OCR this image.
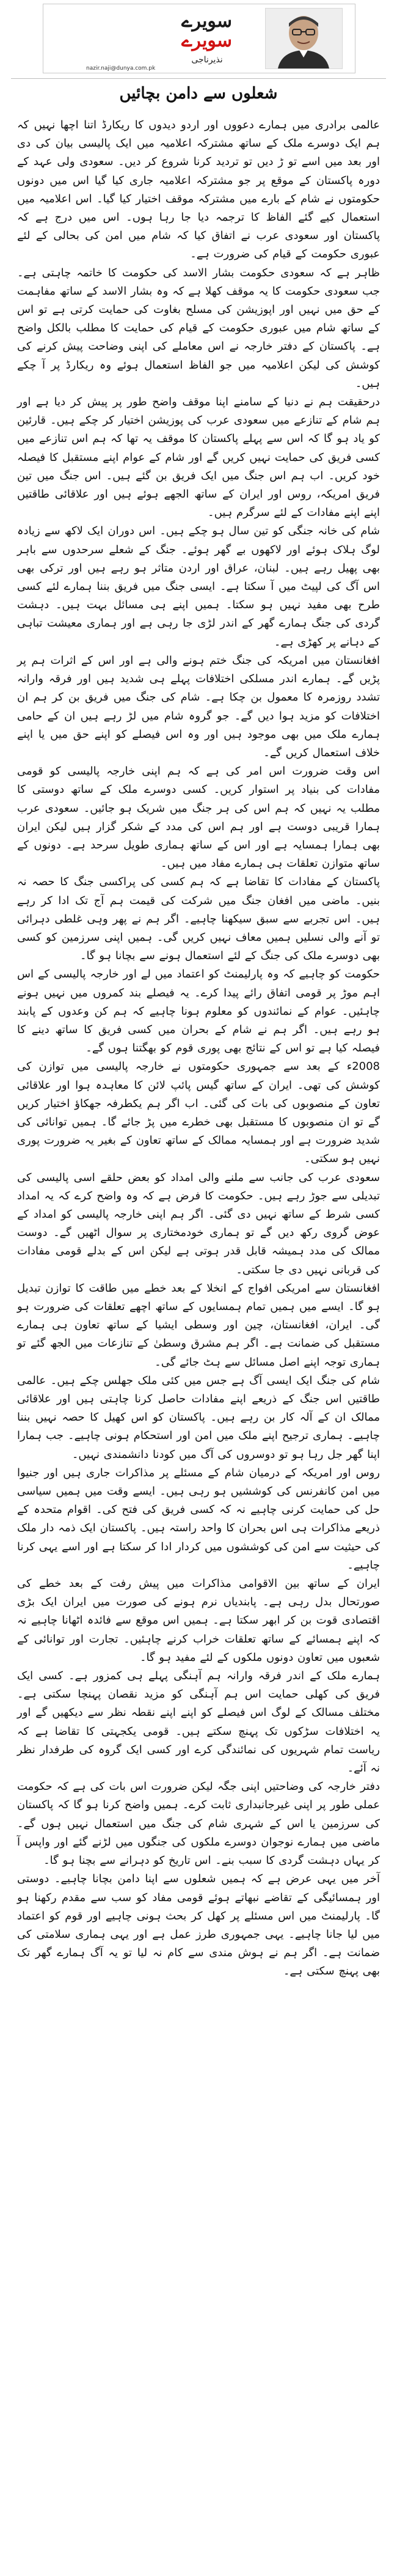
سویرے
سویرے
نذیرناجی
nazir.naji@dunya.com.pk
شعلوں سے دامن بچائیں

عالمی برادری میں ہمارے دعووں اور اردو دیدوں کا ریکارڈ اتنا اچھا نہیں کہ ہم ایک دوسرے ملک کے ساتھ مشترکہ اعلامیہ میں ایک پالیسی بیان کی دی اور بعد میں اسے تو ڑ دیں تو تردید کرنا شروع کر دیں۔ سعودی ولی عہد کے دورہ پاکستان کے موقع پر جو مشترکہ اعلامیہ جاری کیا گیا اس میں دونوں حکومتوں نے شام کے بارے میں مشترکہ موقف اختیار کیا گیا۔ اس اعلامیہ میں استعمال کیے گئے الفاظ کا ترجمہ دیا جا رہا ہوں۔ اس میں درج ہے کہ پاکستان اور سعودی عرب نے اتفاق کیا کہ شام میں امن کی بحالی کے لئے عبوری حکومت کے قیام کی ضرورت ہے۔

ظاہر ہے کہ سعودی حکومت بشار الاسد کی حکومت کا خاتمہ چاہتی ہے۔ جب سعودی حکومت کا یہ موقف کھلا ہے کہ وہ بشار الاسد کے ساتھ مفاہمت کے حق میں نہیں اور اپوزیشن کی مسلح بغاوت کی حمایت کرتی ہے تو اس کے ساتھ شام میں عبوری حکومت کے قیام کی حمایت کا مطلب بالکل واضح ہے۔ پاکستان کے دفتر خارجہ نے اس معاملے کی اپنی وضاحت پیش کرنے کی کوشش کی لیکن اعلامیہ میں جو الفاظ استعمال ہوئے وہ ریکارڈ پر آ چکے ہیں۔

درحقیقت ہم نے دنیا کے سامنے اپنا موقف واضح طور پر پیش کر دیا ہے اور ہم شام کے تنازعے میں سعودی عرب کی پوزیشن اختیار کر چکے ہیں۔ قارئین کو یاد ہو گا کہ اس سے پہلے پاکستان کا موقف یہ تھا کہ ہم اس تنازعے میں کسی فریق کی حمایت نہیں کریں گے اور شام کے عوام اپنے مستقبل کا فیصلہ خود کریں۔ اب ہم اس جنگ میں ایک فریق بن گئے ہیں۔ اس جنگ میں تین فریق امریکہ، روس اور ایران کے ساتھ الجھے ہوئے ہیں اور علاقائی طاقتیں اپنے اپنے مفادات کے لئے سرگرم ہیں۔

شام کی خانہ جنگی کو تین سال ہو چکے ہیں۔ اس دوران ایک لاکھ سے زیادہ لوگ ہلاک ہوئے اور لاکھوں بے گھر ہوئے۔ جنگ کے شعلے سرحدوں سے باہر بھی پھیل رہے ہیں۔ لبنان، عراق اور اردن متاثر ہو رہے ہیں اور ترکی بھی اس آگ کی لپیٹ میں آ سکتا ہے۔ ایسی جنگ میں فریق بننا ہمارے لئے کسی طرح بھی مفید نہیں ہو سکتا۔ ہمیں اپنے ہی مسائل بہت ہیں۔ دہشت گردی کی جنگ ہمارے گھر کے اندر لڑی جا رہی ہے اور ہماری معیشت تباہی کے دہانے پر کھڑی ہے۔

افغانستان میں امریکہ کی جنگ ختم ہونے والی ہے اور اس کے اثرات ہم پر پڑیں گے۔ ہمارے اندر مسلکی اختلافات پہلے ہی شدید ہیں اور فرقہ وارانہ تشدد روزمرہ کا معمول بن چکا ہے۔ شام کی جنگ میں فریق بن کر ہم ان اختلافات کو مزید ہوا دیں گے۔ جو گروہ شام میں لڑ رہے ہیں ان کے حامی ہمارے ملک میں بھی موجود ہیں اور وہ اس فیصلے کو اپنے حق میں یا اپنے خلاف استعمال کریں گے۔

اس وقت ضرورت اس امر کی ہے کہ ہم اپنی خارجہ پالیسی کو قومی مفادات کی بنیاد پر استوار کریں۔ کسی دوسرے ملک کے ساتھ دوستی کا مطلب یہ نہیں کہ ہم اس کی ہر جنگ میں شریک ہو جائیں۔ سعودی عرب ہمارا قریبی دوست ہے اور ہم اس کی مدد کے شکر گزار ہیں لیکن ایران بھی ہمارا ہمسایہ ہے اور اس کے ساتھ ہماری طویل سرحد ہے۔ دونوں کے ساتھ متوازن تعلقات ہی ہمارے مفاد میں ہیں۔

پاکستان کے مفادات کا تقاضا ہے کہ ہم کسی کی پراکسی جنگ کا حصہ نہ بنیں۔ ماضی میں افغان جنگ میں شرکت کی قیمت ہم آج تک ادا کر رہے ہیں۔ اس تجربے سے سبق سیکھنا چاہیے۔ اگر ہم نے پھر وہی غلطی دہرائی تو آنے والی نسلیں ہمیں معاف نہیں کریں گی۔ ہمیں اپنی سرزمین کو کسی بھی دوسرے ملک کی جنگ کے لئے استعمال ہونے سے بچانا ہو گا۔

حکومت کو چاہیے کہ وہ پارلیمنٹ کو اعتماد میں لے اور خارجہ پالیسی کے اس اہم موڑ پر قومی اتفاق رائے پیدا کرے۔ یہ فیصلے بند کمروں میں نہیں ہونے چاہئیں۔ عوام کے نمائندوں کو معلوم ہونا چاہیے کہ ہم کن وعدوں کے پابند ہو رہے ہیں۔ اگر ہم نے شام کے بحران میں کسی فریق کا ساتھ دینے کا فیصلہ کیا ہے تو اس کے نتائج بھی پوری قوم کو بھگتنا ہوں گے۔

2008ء کے بعد سے جمہوری حکومتوں نے خارجہ پالیسی میں توازن کی کوشش کی تھی۔ ایران کے ساتھ گیس پائپ لائن کا معاہدہ ہوا اور علاقائی تعاون کے منصوبوں کی بات کی گئی۔ اب اگر ہم یکطرفہ جھکاؤ اختیار کریں گے تو ان منصوبوں کا مستقبل بھی خطرے میں پڑ جائے گا۔ ہمیں توانائی کی شدید ضرورت ہے اور ہمسایہ ممالک کے ساتھ تعاون کے بغیر یہ ضرورت پوری نہیں ہو سکتی۔

سعودی عرب کی جانب سے ملنے والی امداد کو بعض حلقے اسی پالیسی کی تبدیلی سے جوڑ رہے ہیں۔ حکومت کا فرض ہے کہ وہ واضح کرے کہ یہ امداد کسی شرط کے ساتھ نہیں دی گئی۔ اگر ہم اپنی خارجہ پالیسی کو امداد کے عوض گروی رکھ دیں گے تو ہماری خودمختاری پر سوال اٹھیں گے۔ دوست ممالک کی مدد ہمیشہ قابل قدر ہوتی ہے لیکن اس کے بدلے قومی مفادات کی قربانی نہیں دی جا سکتی۔

افغانستان سے امریکی افواج کے انخلا کے بعد خطے میں طاقت کا توازن تبدیل ہو گا۔ ایسے میں ہمیں تمام ہمسایوں کے ساتھ اچھے تعلقات کی ضرورت ہو گی۔ ایران، افغانستان، چین اور وسطی ایشیا کے ساتھ تعاون ہی ہمارے مستقبل کی ضمانت ہے۔ اگر ہم مشرق وسطیٰ کے تنازعات میں الجھ گئے تو ہماری توجہ اپنے اصل مسائل سے ہٹ جائے گی۔

شام کی جنگ ایک ایسی آگ ہے جس میں کئی ملک جھلس چکے ہیں۔ عالمی طاقتیں اس جنگ کے ذریعے اپنے مفادات حاصل کرنا چاہتی ہیں اور علاقائی ممالک ان کے آلہ کار بن رہے ہیں۔ پاکستان کو اس کھیل کا حصہ نہیں بننا چاہیے۔ ہماری ترجیح اپنے ملک میں امن اور استحکام ہونی چاہیے۔ جب ہمارا اپنا گھر جل رہا ہو تو دوسروں کی آگ میں کودنا دانشمندی نہیں۔

روس اور امریکہ کے درمیان شام کے مسئلے پر مذاکرات جاری ہیں اور جنیوا میں امن کانفرنس کی کوششیں ہو رہی ہیں۔ ایسے وقت میں ہمیں سیاسی حل کی حمایت کرنی چاہیے نہ کہ کسی فریق کی فتح کی۔ اقوام متحدہ کے ذریعے مذاکرات ہی اس بحران کا واحد راستہ ہیں۔ پاکستان ایک ذمہ دار ملک کی حیثیت سے امن کی کوششوں میں کردار ادا کر سکتا ہے اور اسے یہی کرنا چاہیے۔

ایران کے ساتھ بین الاقوامی مذاکرات میں پیش رفت کے بعد خطے کی صورتحال بدل رہی ہے۔ پابندیاں نرم ہونے کی صورت میں ایران ایک بڑی اقتصادی قوت بن کر ابھر سکتا ہے۔ ہمیں اس موقع سے فائدہ اٹھانا چاہیے نہ کہ اپنے ہمسائے کے ساتھ تعلقات خراب کرنے چاہئیں۔ تجارت اور توانائی کے شعبوں میں تعاون دونوں ملکوں کے لئے مفید ہو گا۔

ہمارے ملک کے اندر فرقہ وارانہ ہم آہنگی پہلے ہی کمزور ہے۔ کسی ایک فریق کی کھلی حمایت اس ہم آہنگی کو مزید نقصان پہنچا سکتی ہے۔ مختلف مسالک کے لوگ اس فیصلے کو اپنے اپنے نقطہ نظر سے دیکھیں گے اور یہ اختلافات سڑکوں تک پہنچ سکتے ہیں۔ قومی یکجہتی کا تقاضا ہے کہ ریاست تمام شہریوں کی نمائندگی کرے اور کسی ایک گروہ کی طرفدار نظر نہ آئے۔

دفتر خارجہ کی وضاحتیں اپنی جگہ لیکن ضرورت اس بات کی ہے کہ حکومت عملی طور پر اپنی غیرجانبداری ثابت کرے۔ ہمیں واضح کرنا ہو گا کہ پاکستان کی سرزمین یا اس کے شہری شام کی جنگ میں استعمال نہیں ہوں گے۔ ماضی میں ہمارے نوجوان دوسرے ملکوں کی جنگوں میں لڑنے گئے اور واپس آ کر یہاں دہشت گردی کا سبب بنے۔ اس تاریخ کو دہرانے سے بچنا ہو گا۔

آخر میں یہی عرض ہے کہ ہمیں شعلوں سے اپنا دامن بچانا چاہیے۔ دوستی اور ہمسائیگی کے تقاضے نبھاتے ہوئے قومی مفاد کو سب سے مقدم رکھنا ہو گا۔ پارلیمنٹ میں اس مسئلے پر کھل کر بحث ہونی چاہیے اور قوم کو اعتماد میں لیا جانا چاہیے۔ یہی جمہوری طرز عمل ہے اور یہی ہماری سلامتی کی ضمانت ہے۔ اگر ہم نے ہوش مندی سے کام نہ لیا تو یہ آگ ہمارے گھر تک بھی پہنچ سکتی ہے۔
